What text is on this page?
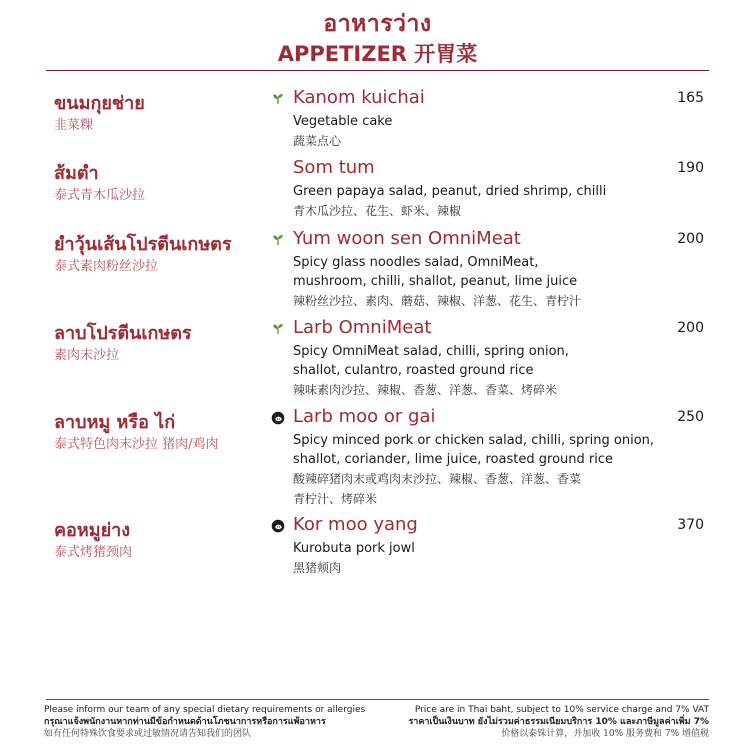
อาหารว่าง
APPETIZER 开胃菜
ขนมกุยช่าย
韭菜粿
Kanom kuichai
Vegetable cake
蔬菜点心
165
ส้มตำ
泰式青木瓜沙拉
Som tum
Green papaya salad, peanut, dried shrimp, chilli
青木瓜沙拉、花生、虾米、辣椒
190
ยำวุ้นเส้นโปรตีนเกษตร
泰式素肉粉丝沙拉
Yum woon sen OmniMeat
Spicy glass noodles salad, OmniMeat,
mushroom, chilli, shallot, peanut, lime juice
辣粉丝沙拉、素肉、蘑菇、辣椒、洋葱、花生、青柠汁
200
ลาบโปรตีนเกษตร
素肉末沙拉
Larb OmniMeat
Spicy OmniMeat salad, chilli, spring onion,
shallot, culantro, roasted ground rice
辣味素肉沙拉、辣椒、香葱、洋葱、香菜、烤碎米
200
ลาบหมู หรือ ไก่
泰式特色肉末沙拉 猪肉/鸡肉
Larb moo or gai
Spicy minced pork or chicken salad, chilli, spring onion,
shallot, coriander, lime juice, roasted ground rice
酸辣碎猪肉末或鸡肉末沙拉、辣椒、香葱、洋葱、香菜
青柠汁、烤碎米
250
คอหมูย่าง
泰式烤猪颈肉
Kor moo yang
Kurobuta pork jowl
黑猪颊肉
370
Please inform our team of any special dietary requirements or allergies
กรุณาแจ้งพนักงานหากท่านมีข้อกำหนดด้านโภชนาการหรือการแพ้อาหาร
如有任何特殊饮食要求或过敏情况请告知我们的团队
Price are in Thai baht, subject to 10% service charge and 7% VAT
ราคาเป็นเงินบาท ยังไม่รวมค่าธรรมเนียมบริการ 10% และภาษีมูลค่าเพิ่ม 7%
价格以泰铢计算，并加收 10% 服务费和 7% 增值税
